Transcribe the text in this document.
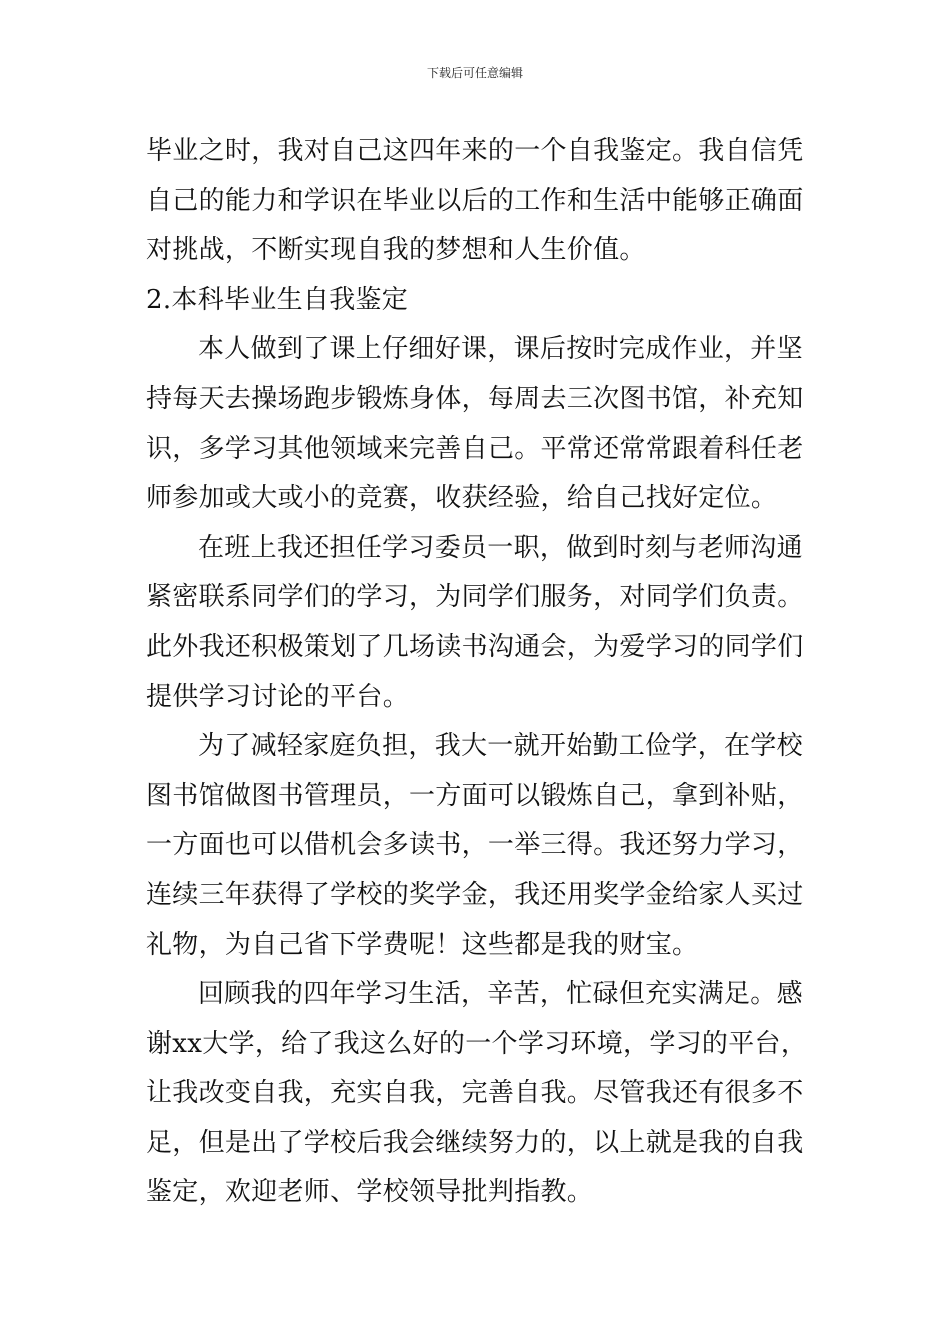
下载后可任意编辑

毕业之时，我对自己这四年来的一个自我鉴定。我自信凭自己的能力和学识在毕业以后的工作和生活中能够正确面对挑战，不断实现自我的梦想和人生价值。

2.本科毕业生自我鉴定

本人做到了课上仔细好课，课后按时完成作业，并坚持每天去操场跑步锻炼身体，每周去三次图书馆，补充知识，多学习其他领域来完善自己。平常还常常跟着科任老师参加或大或小的竞赛，收获经验，给自己找好定位。

在班上我还担任学习委员一职，做到时刻与老师沟通紧密联系同学们的学习，为同学们服务，对同学们负责。此外我还积极策划了几场读书沟通会，为爱学习的同学们提供学习讨论的平台。

为了减轻家庭负担，我大一就开始勤工俭学，在学校图书馆做图书管理员，一方面可以锻炼自己，拿到补贴，一方面也可以借机会多读书，一举三得。我还努力学习，连续三年获得了学校的奖学金，我还用奖学金给家人买过礼物，为自己省下学费呢！这些都是我的财宝。

回顾我的四年学习生活，辛苦，忙碌但充实满足。感谢xx大学，给了我这么好的一个学习环境，学习的平台，让我改变自我，充实自我，完善自我。尽管我还有很多不足，但是出了学校后我会继续努力的，以上就是我的自我鉴定，欢迎老师、学校领导批判指教。
